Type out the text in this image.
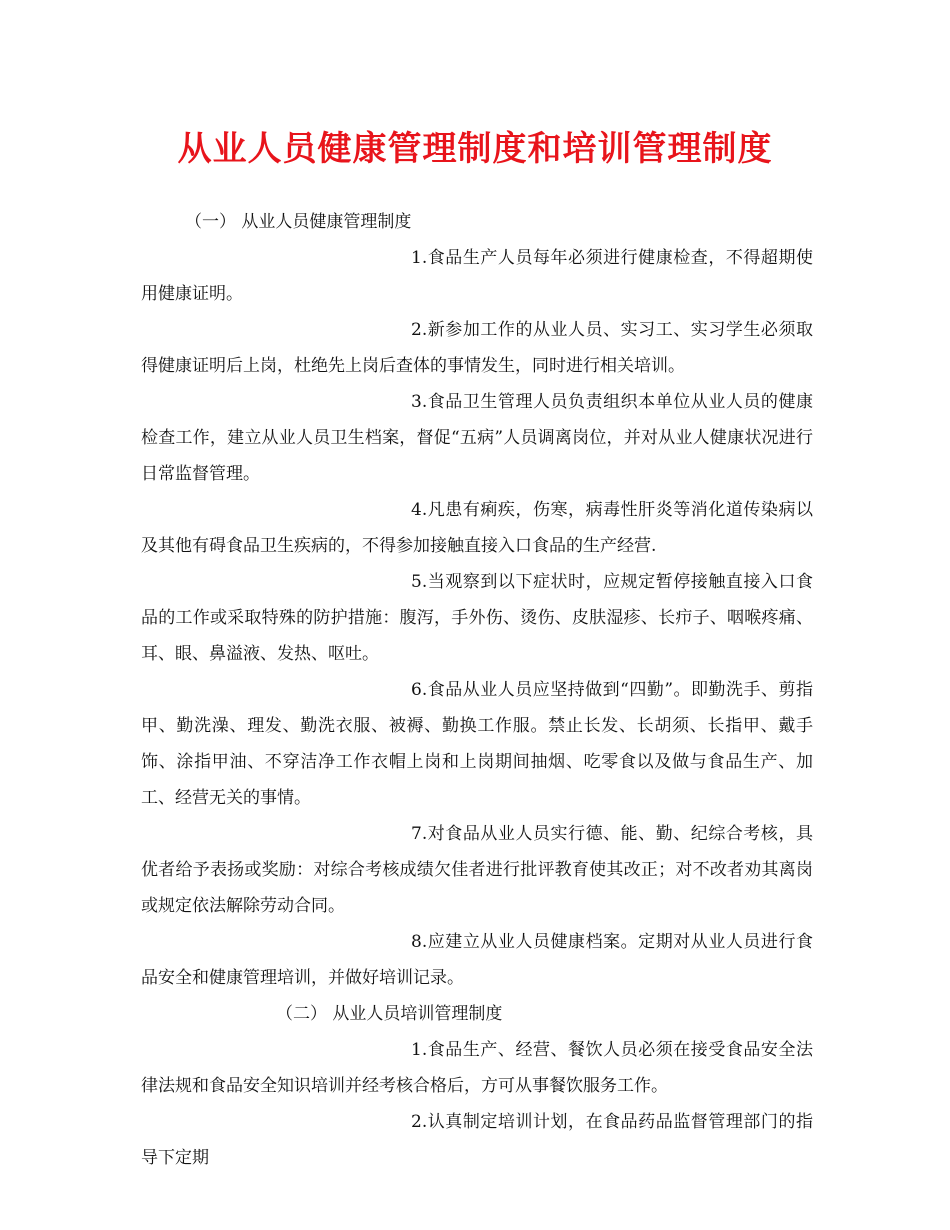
从业人员健康管理制度和培训管理制度

（一） 从业人员健康管理制度

1.食品生产人员每年必须进行健康检查，不得超期使用健康证明。

2.新参加工作的从业人员、实习工、实习学生必须取得健康证明后上岗，杜绝先上岗后查体的事情发生，同时进行相关培训。

3.食品卫生管理人员负责组织本单位从业人员的健康检查工作，建立从业人员卫生档案，督促“五病”人员调离岗位，并对从业人健康状况进行日常监督管理。

4.凡患有痢疾，伤寒，病毒性肝炎等消化道传染病以及其他有碍食品卫生疾病的，不得参加接触直接入口食品的生产经营.

5.当观察到以下症状时，应规定暂停接触直接入口食品的工作或采取特殊的防护措施：腹泻，手外伤、烫伤、皮肤湿疹、长疖子、咽喉疼痛、耳、眼、鼻溢液、发热、呕吐。

6.食品从业人员应坚持做到“四勤”。即勤洗手、剪指甲、勤洗澡、理发、勤洗衣服、被褥、勤换工作服。禁止长发、长胡须、长指甲、戴手饰、涂指甲油、不穿洁净工作衣帽上岗和上岗期间抽烟、吃零食以及做与食品生产、加工、经营无关的事情。

7.对食品从业人员实行德、能、勤、纪综合考核，具优者给予表扬或奖励：对综合考核成绩欠佳者进行批评教育使其改正；对不改者劝其离岗或规定依法解除劳动合同。

8.应建立从业人员健康档案。定期对从业人员进行食品安全和健康管理培训，并做好培训记录。

（二） 从业人员培训管理制度

1.食品生产、经营、餐饮人员必须在接受食品安全法律法规和食品安全知识培训并经考核合格后，方可从事餐饮服务工作。

2.认真制定培训计划，在食品药品监督管理部门的指导下定期
